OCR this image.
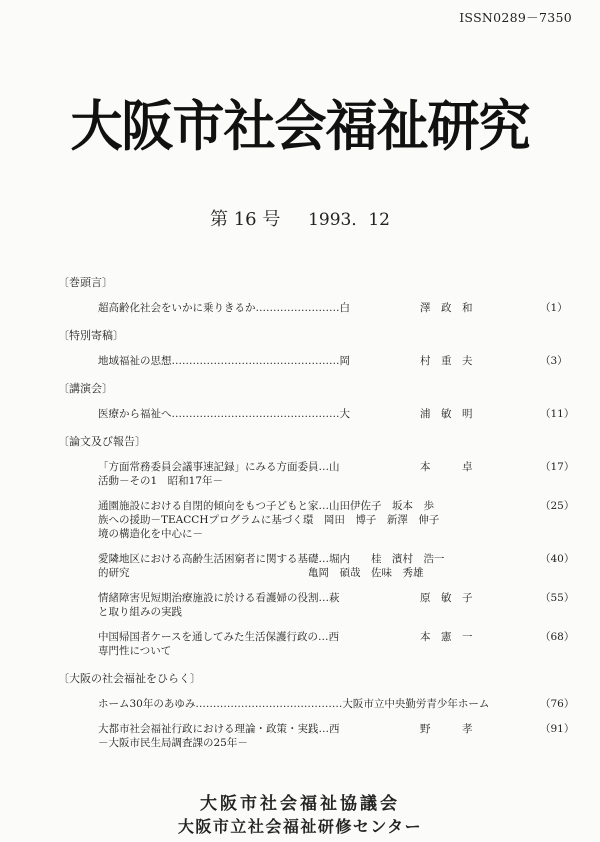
ISSN0289－7350
大阪市社会福祉研究
第 16 号 1993．12
〔巻頭言〕
超高齢化社会をいかに乗りきるか……………………白	澤　政　和	（1）
〔特別寄稿〕
地域福祉の思想…………………………………………岡	村　重　夫	（3）
〔講演会〕
医療から福祉へ…………………………………………大	浦　敏　明	（11）
〔論文及び報告〕
「方面常務委員会議事速記録」にみる方面委員…山
活動－その1　昭和17年－
本　　　卓	（17）
通園施設における自閉的傾向をもつ子どもと家…山田伊佐子　坂本　歩
族への援助－TEACCHプログラムに基づく環　岡田　博子　新澤　伸子
境の構造化を中心に－
（25）
愛隣地区における高齢生活困窮者に関する基礎…堀内　　桂　濱村　浩一
的研究　　　　　　　　　　　　　　　　　亀岡　碩哉　佐味　秀雄
（40）
情緒障害児短期治療施設に於ける看護婦の役割…萩
と取り組みの実践
原　敏　子	（55）
中国帰国者ケースを通してみた生活保護行政の…西
専門性について
本　憲　一	（68）
〔大阪の社会福祉をひらく〕
ホーム30年のあゆみ……………………………………大阪市立中央勤労青少年ホーム	（76）
大都市社会福祉行政における理論・政策・実践…西
－大阪市民生局調査課の25年－
野　　　孝	（91）
大阪市社会福祉協議会
大阪市立社会福祉研修センター
